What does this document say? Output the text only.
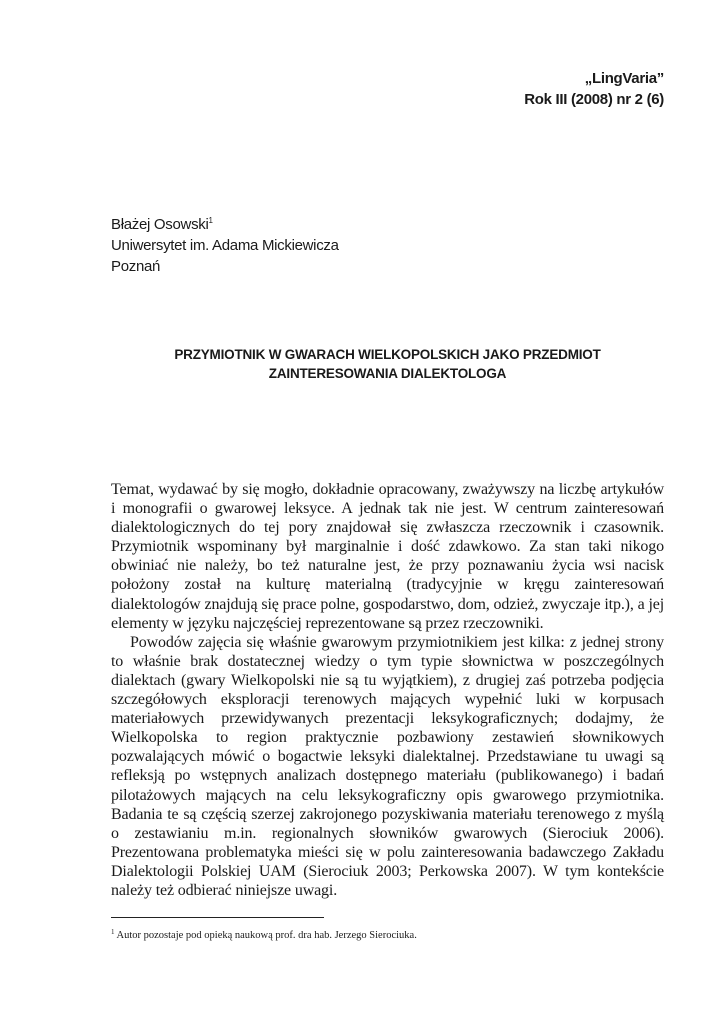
„LingVaria”
Rok III (2008) nr 2 (6)
Błażej Osowski$^1$
Uniwersytet im. Adama Mickiewicza
Poznań
PRZYMIOTNIK W GWARACH WIELKOPOLSKICH JAKO PRZEDMIOT
ZAINTERESOWANIA DIALEKTOLOGA

Temat, wydawać by się mogło, dokładnie opracowany, zważywszy na liczbę artykułów i monografii o gwarowej leksyce. A jednak tak nie jest. W centrum zainteresowań dialektologicznych do tej pory znajdował się zwłaszcza rzeczownik i czasownik. Przymiotnik wspominany był marginalnie i dość zdawkowo. Za stan taki nikogo obwiniać nie należy, bo też naturalne jest, że przy poznawaniu życia wsi nacisk położony został na kulturę materialną (tradycyjnie w kręgu zainteresowań dialektologów znajdują się prace polne, gospodarstwo, dom, odzież, zwyczaje itp.), a jej elementy w języku najczęściej reprezentowane są przez rzeczowniki.

Powodów zajęcia się właśnie gwarowym przymiotnikiem jest kilka: z jednej strony to właśnie brak dostatecznej wiedzy o tym typie słownictwa w poszczególnych dialektach (gwary Wielkopolski nie są tu wyjątkiem), z drugiej zaś potrzeba podjęcia szczegółowych eksploracji terenowych mających wypełnić luki w korpusach materiałowych przewidywanych prezentacji leksykograficznych; dodajmy, że Wielkopolska to region praktycznie pozbawiony zestawień słownikowych pozwalających mówić o bogactwie leksyki dialektalnej. Przedstawiane tu uwagi są refleksją po wstępnych analizach dostępnego materiału (publikowanego) i badań pilotażowych mających na celu leksykograficzny opis gwarowego przymiotnika. Badania te są częścią szerzej zakrojonego pozyskiwania materiału terenowego z myślą o zestawianiu m.in. regionalnych słowników gwarowych (Sierociuk 2006). Prezentowana problematyka mieści się w polu zainteresowania badawczego Zakładu Dialektologii Polskiej UAM (Sierociuk 2003; Perkowska 2007). W tym kontekście należy też odbierać niniejsze uwagi.

$^1$ Autor pozostaje pod opieką naukową prof. dra hab. Jerzego Sierociuka.
